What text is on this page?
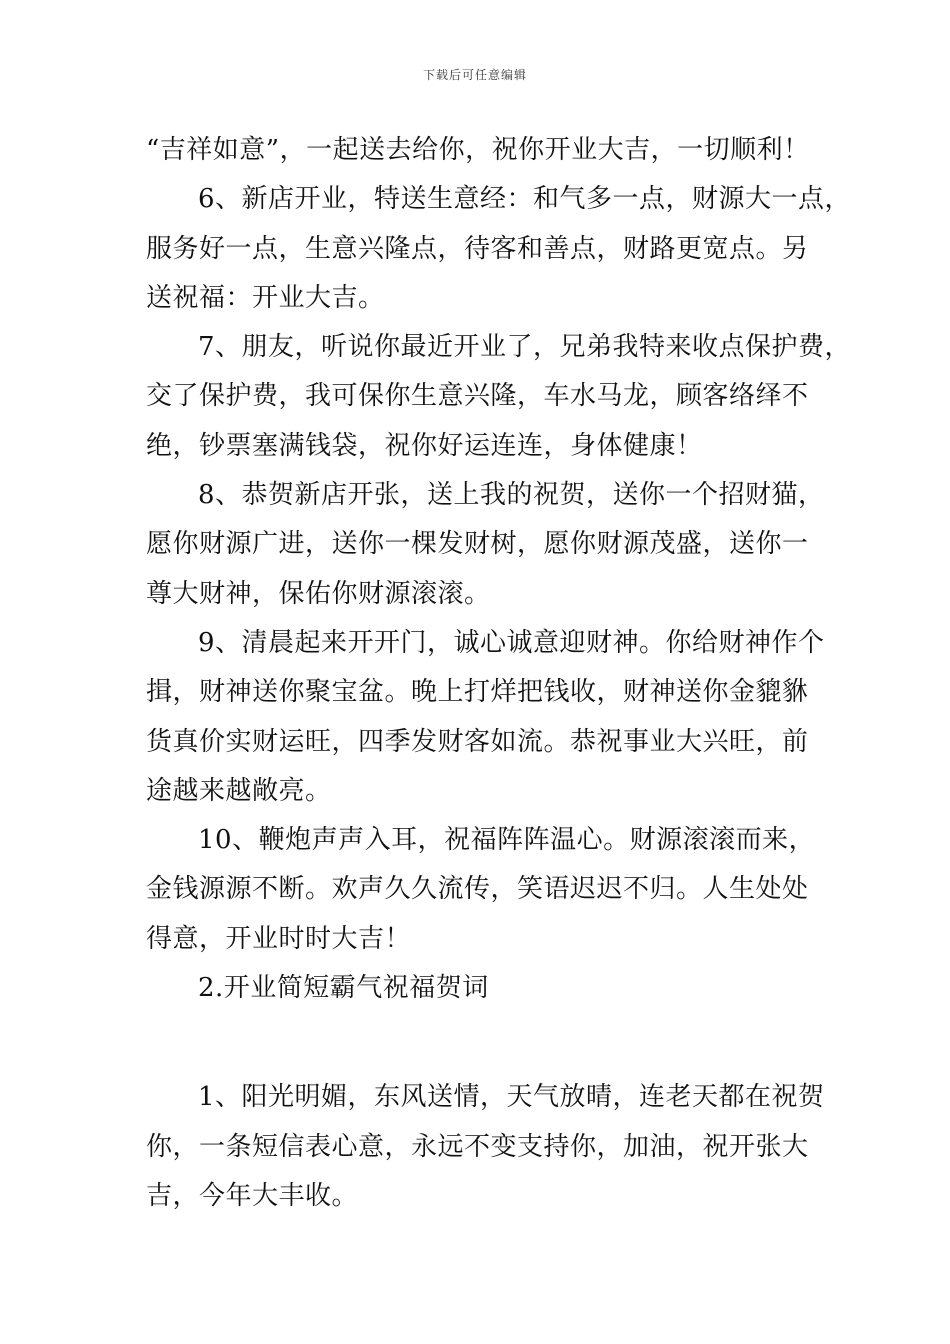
下载后可任意编辑
“吉祥如意”，一起送去给你，祝你开业大吉，一切顺利！
6、新店开业，特送生意经：和气多一点，财源大一点，
服务好一点，生意兴隆点，待客和善点，财路更宽点。另
送祝福：开业大吉。
7、朋友，听说你最近开业了，兄弟我特来收点保护费，
交了保护费，我可保你生意兴隆，车水马龙，顾客络绎不
绝，钞票塞满钱袋，祝你好运连连，身体健康！
8、恭贺新店开张，送上我的祝贺，送你一个招财猫，
愿你财源广进，送你一棵发财树，愿你财源茂盛，送你一
尊大财神，保佑你财源滚滚。
9、清晨起来开开门，诚心诚意迎财神。你给财神作个
揖，财神送你聚宝盆。晚上打烊把钱收，财神送你金貔貅
货真价实财运旺，四季发财客如流。恭祝事业大兴旺，前
途越来越敞亮。
10、鞭炮声声入耳，祝福阵阵温心。财源滚滚而来，
金钱源源不断。欢声久久流传，笑语迟迟不归。人生处处
得意，开业时时大吉！
2.开业简短霸气祝福贺词
1、阳光明媚，东风送情，天气放晴，连老天都在祝贺
你，一条短信表心意，永远不变支持你，加油，祝开张大
吉，今年大丰收。
